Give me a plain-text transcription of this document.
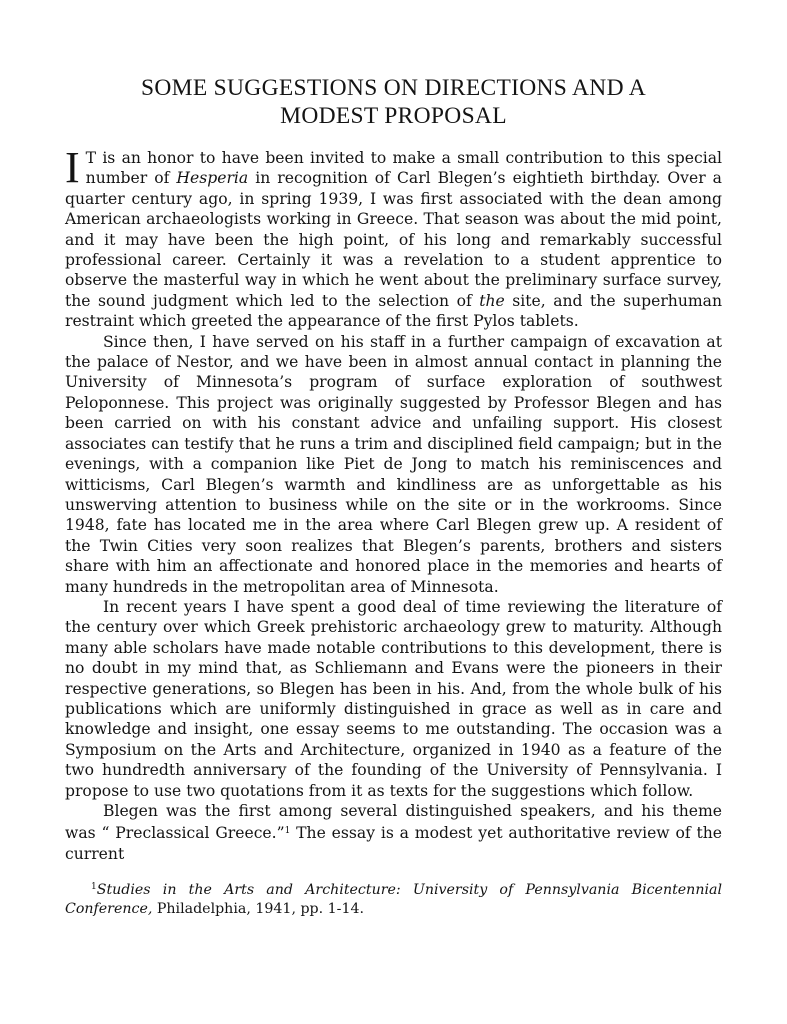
SOME SUGGESTIONS ON DIRECTIONS AND A
MODEST PROPOSAL

I T is an honor to have been invited to make a small contribution to this special number of Hesperia in recognition of Carl Blegen’s eightieth birthday. Over a quarter century ago, in spring 1939, I was first associated with the dean among American archaeologists working in Greece. That season was about the mid point, and it may have been the high point, of his long and remarkably successful professional career. Certainly it was a revelation to a student apprentice to observe the masterful way in which he went about the preliminary surface survey, the sound judgment which led to the selection of the site, and the superhuman restraint which greeted the appearance of the first Pylos tablets.

Since then, I have served on his staff in a further campaign of excavation at the palace of Nestor, and we have been in almost annual contact in planning the University of Minnesota’s program of surface exploration of southwest Peloponnese. This project was originally suggested by Professor Blegen and has been carried on with his constant advice and unfailing support. His closest associates can testify that he runs a trim and disciplined field campaign; but in the evenings, with a companion like Piet de Jong to match his reminiscences and witticisms, Carl Blegen’s warmth and kindliness are as unforgettable as his unswerving attention to business while on the site or in the workrooms. Since 1948, fate has located me in the area where Carl Blegen grew up. A resident of the Twin Cities very soon realizes that Blegen’s parents, brothers and sisters share with him an affectionate and honored place in the memories and hearts of many hundreds in the metropolitan area of Minnesota.

In recent years I have spent a good deal of time reviewing the literature of the century over which Greek prehistoric archaeology grew to maturity. Although many able scholars have made notable contributions to this development, there is no doubt in my mind that, as Schliemann and Evans were the pioneers in their respective generations, so Blegen has been in his. And, from the whole bulk of his publications which are uniformly distinguished in grace as well as in care and knowledge and insight, one essay seems to me outstanding. The occasion was a Symposium on the Arts and Architecture, organized in 1940 as a feature of the two hundredth anniversary of the founding of the University of Pennsylvania. I propose to use two quotations from it as texts for the suggestions which follow.

Blegen was the first among several distinguished speakers, and his theme was “ Preclassical Greece.”$^1$ The essay is a modest yet authoritative review of the current

$^1$Studies in the Arts and Architecture: University of Pennsylvania Bicentennial Conference, Philadelphia, 1941, pp. 1-14.
